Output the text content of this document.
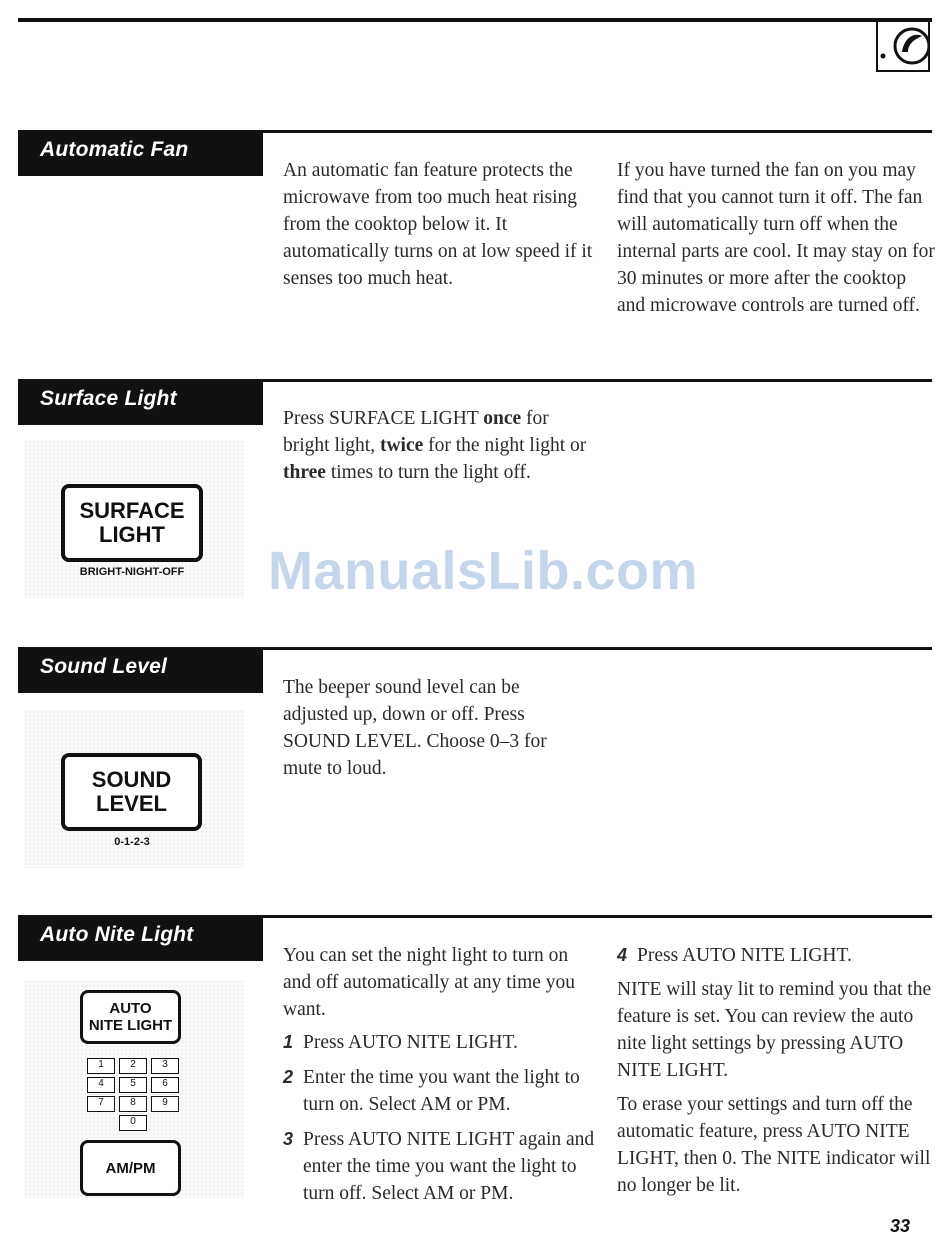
Automatic Fan

An automatic fan feature protects the microwave from too much heat rising from the cooktop below it. It automatically turns on at low speed if it senses too much heat.

If you have turned the fan on you may find that you cannot turn it off. The fan will automatically turn off when the internal parts are cool. It may stay on for 30 minutes or more after the cooktop and microwave controls are turned off.

Surface Light
SURFACE
LIGHT
BRIGHT-NIGHT-OFF

Press SURFACE LIGHT once for bright light, twice for the night light or three times to turn the light off.

ManualsLib.com
Sound Level
SOUND
LEVEL
0-1-2-3

The beeper sound level can be adjusted up, down or off. Press SOUND LEVEL. Choose 0–3 for mute to loud.

Auto Nite Light
AUTO
NITE LIGHT
1	2	3
4	5	6
7	8	9
0
· · · ·
AM/PM

You can set the night light to turn on and off automatically at any time you want.

1 Press AUTO NITE LIGHT.
2 Enter the time you want the light to turn on. Select AM or PM.
3 Press AUTO NITE LIGHT again and enter the time you want the light to turn off. Select AM or PM.
4 Press AUTO NITE LIGHT.

NITE will stay lit to remind you that the feature is set. You can review the auto nite light settings by pressing AUTO NITE LIGHT.

To erase your settings and turn off the automatic feature, press AUTO NITE LIGHT, then 0. The NITE indicator will no longer be lit.

33
